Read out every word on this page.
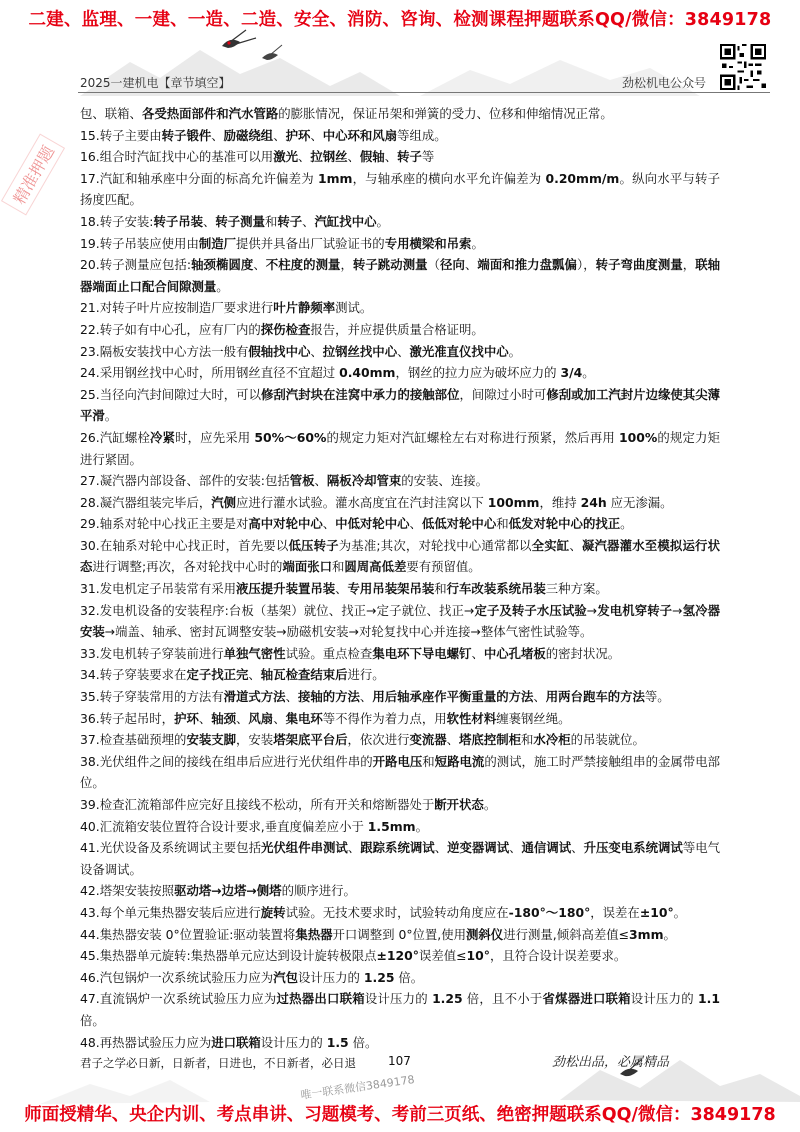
二建、监理、一建、一造、二造、安全、消防、咨询、检测课程押题联系QQ/微信：3849178
2025一建机电【章节填空】	劲松机电公众号
精准押题

包、联箱、各受热面部件和汽水管路的膨胀情况，保证吊架和弹簧的受力、位移和伸缩情况正常。

15.转子主要由转子锻件、励磁绕组、护环、中心环和风扇等组成。

16.组合时汽缸找中心的基准可以用激光、拉钢丝、假轴、转子等

17.汽缸和轴承座中分面的标高允许偏差为 1mm，与轴承座的横向水平允许偏差为 0.20mm/m。纵向水平与转子扬度匹配。

18.转子安装:转子吊装、转子测量和转子、汽缸找中心。

19.转子吊装应使用由制造厂提供并具备出厂试验证书的专用横梁和吊索。

20.转子测量应包括:轴颈椭圆度、不柱度的测量，转子跳动测量（径向、端面和推力盘瓢偏），转子弯曲度测量，联轴器端面止口配合间隙测量。

21.对转子叶片应按制造厂要求进行叶片静频率测试。

22.转子如有中心孔，应有厂内的探伤检查报告，并应提供质量合格证明。

23.隔板安装找中心方法一般有假轴找中心、拉钢丝找中心、激光准直仪找中心。

24.采用钢丝找中心时，所用钢丝直径不宜超过 0.40mm，钢丝的拉力应为破坏应力的 3/4。

25.当径向汽封间隙过大时，可以修刮汽封块在洼窝中承力的接触部位，间隙过小时可修刮或加工汽封片边缘使其尖薄平滑。

26.汽缸螺栓冷紧时，应先采用 50%～60%的规定力矩对汽缸螺栓左右对称进行预紧，然后再用 100%的规定力矩进行紧固。

27.凝汽器内部设备、部件的安装:包括管板、隔板冷却管束的安装、连接。

28.凝汽器组装完毕后，汽侧应进行灌水试验。灌水高度宜在汽封洼窝以下 100mm，维持 24h 应无渗漏。

29.轴系对轮中心找正主要是对高中对轮中心、中低对轮中心、低低对轮中心和低发对轮中心的找正。

30.在轴系对轮中心找正时，首先要以低压转子为基准;其次，对轮找中心通常都以全实缸、凝汽器灌水至模拟运行状态进行调整;再次，各对轮找中心时的端面张口和圆周高低差要有预留值。

31.发电机定子吊装常有采用液压提升装置吊装、专用吊装架吊装和行车改装系统吊装三种方案。

32.发电机设备的安装程序:台板（基架）就位、找正→定子就位、找正→定子及转子水压试验→发电机穿转子→氢冷器安装→端盖、轴承、密封瓦调整安装→励磁机安装→对轮复找中心并连接→整体气密性试验等。

33.发电机转子穿装前进行单独气密性试验。重点检查集电环下导电螺钉、中心孔堵板的密封状况。

34.转子穿装要求在定子找正完、轴瓦检查结束后进行。

35.转子穿装常用的方法有滑道式方法、接轴的方法、用后轴承座作平衡重量的方法、用两台跑车的方法等。

36.转子起吊时，护环、轴颈、风扇、集电环等不得作为着力点，用软性材料缠裹钢丝绳。

37.检查基础预埋的安装支脚，安装塔架底平台后，依次进行变流器、塔底控制柜和水冷柜的吊装就位。

38.光伏组件之间的接线在组串后应进行光伏组件串的开路电压和短路电流的测试，施工时严禁接触组串的金属带电部位。

39.检查汇流箱部件应完好且接线不松动，所有开关和熔断器处于断开状态。

40.汇流箱安装位置符合设计要求,垂直度偏差应小于 1.5mm。

41.光伏设备及系统调试主要包括光伏组件串测试、跟踪系统调试、逆变器调试、通信调试、升压变电系统调试等电气设备调试。

42.塔架安装按照驱动塔→边塔→侧塔的顺序进行。

43.每个单元集热器安装后应进行旋转试验。无技术要求时，试验转动角度应在-180°～180°，误差在±10°。

44.集热器安装 0°位置验证:驱动装置将集热器开口调整到 0°位置,使用测斜仪进行测量,倾斜高差值≤3mm。

45.集热器单元旋转:集热器单元应达到设计旋转极限点±120°误差值≤10°，且符合设计误差要求。

46.汽包锅炉一次系统试验压力应为汽包设计压力的 1.25 倍。

47.直流锅炉一次系统试验压力应为过热器出口联箱设计压力的 1.25 倍，且不小于省煤器进口联箱设计压力的 1.1 倍。

48.再热器试验压力应为进口联箱设计压力的 1.5 倍。

君子之学必日新，日新者，日进也，不日新者，必日退	107	劲松出品，必属精品
唯一联系微信3849178
师面授精华、央企内训、考点串讲、习题模考、考前三页纸、绝密押题联系QQ/微信：3849178
